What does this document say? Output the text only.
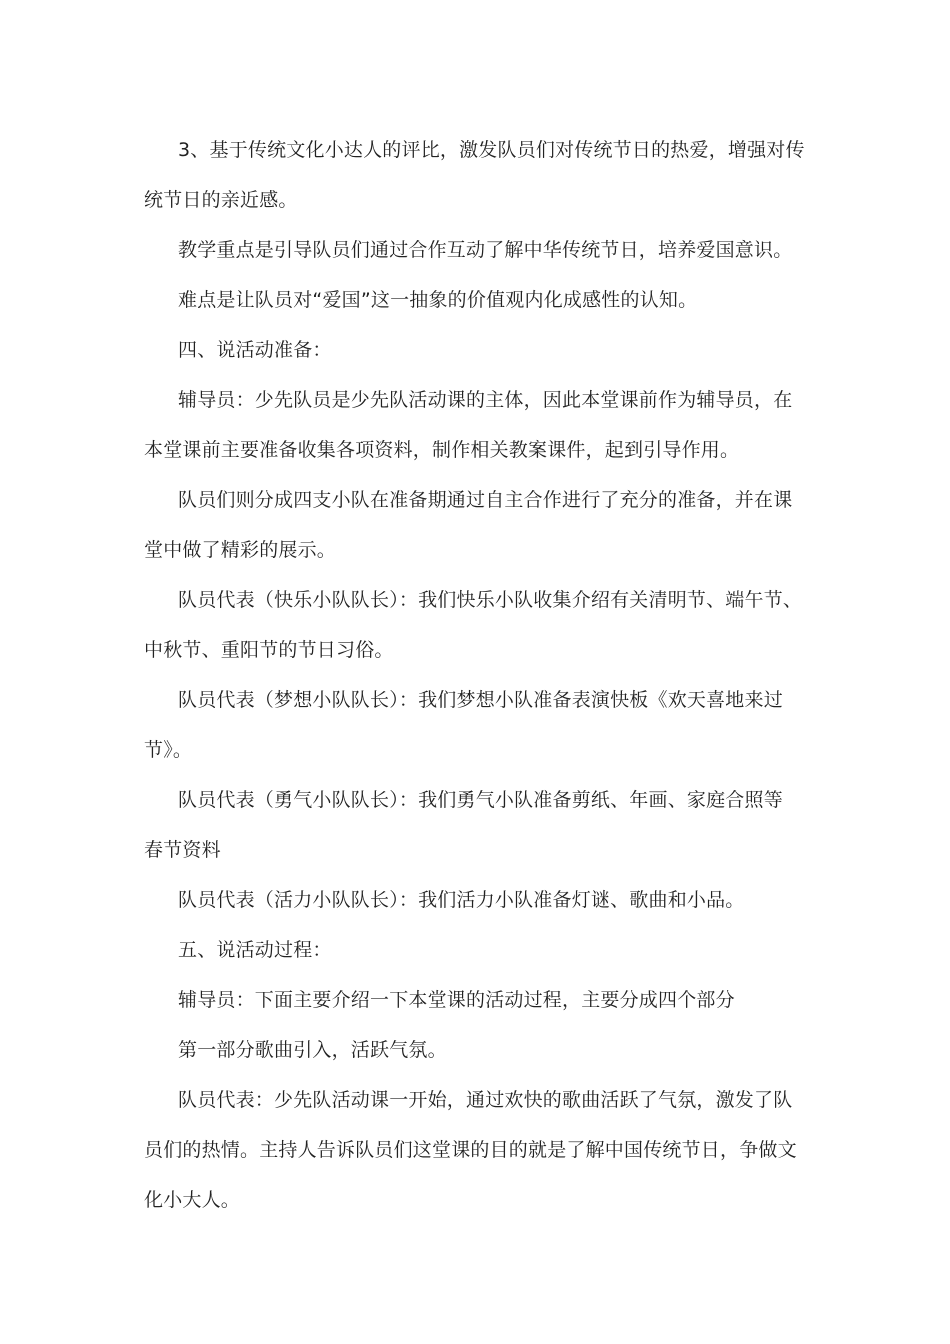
3、基于传统文化小达人的评比，激发队员们对传统节日的热爱，增强对传
统节日的亲近感。

教学重点是引导队员们通过合作互动了解中华传统节日，培养爱国意识。

难点是让队员对“爱国”这一抽象的价值观内化成感性的认知。

四、说活动准备：

辅导员：少先队员是少先队活动课的主体，因此本堂课前作为辅导员，在
本堂课前主要准备收集各项资料，制作相关教案课件，起到引导作用。

队员们则分成四支小队在准备期通过自主合作进行了充分的准备，并在课
堂中做了精彩的展示。

队员代表（快乐小队队长）：我们快乐小队收集介绍有关清明节、端午节、
中秋节、重阳节的节日习俗。

队员代表（梦想小队队长）：我们梦想小队准备表演快板《欢天喜地来过
节》。

队员代表（勇气小队队长）：我们勇气小队准备剪纸、年画、家庭合照等
春节资料

队员代表（活力小队队长）：我们活力小队准备灯谜、歌曲和小品。

五、说活动过程：

辅导员：下面主要介绍一下本堂课的活动过程，主要分成四个部分

第一部分歌曲引入，活跃气氛。

队员代表：少先队活动课一开始，通过欢快的歌曲活跃了气氛，激发了队
员们的热情。主持人告诉队员们这堂课的目的就是了解中国传统节日，争做文
化小大人。
